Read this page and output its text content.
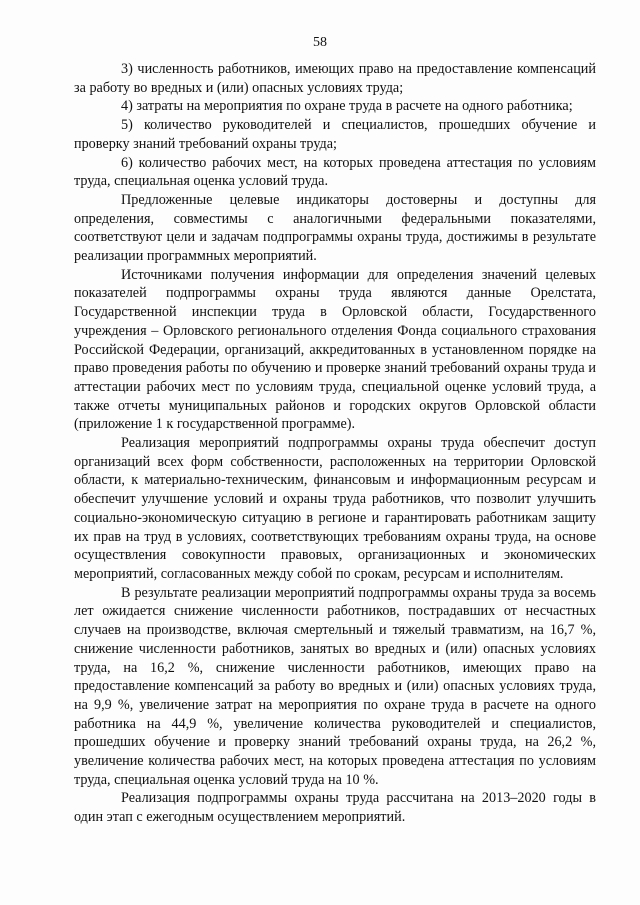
58

3) численность работников, имеющих право на предоставление компенсаций за работу во вредных и (или) опасных условиях труда;

4) затраты на мероприятия по охране труда в расчете на одного работника;

5) количество руководителей и специалистов, прошедших обучение и проверку знаний требований охраны труда;

6) количество рабочих мест, на которых проведена аттестация по условиям труда, специальная оценка условий труда.

Предложенные целевые индикаторы достоверны и доступны для определения, совместимы с аналогичными федеральными показателями, соответствуют цели и задачам подпрограммы охраны труда, достижимы в результате реализации программных мероприятий.

Источниками получения информации для определения значений целевых показателей подпрограммы охраны труда являются данные Орелстата, Государственной инспекции труда в Орловской области, Государственного учреждения – Орловского регионального отделения Фонда социального страхования Российской Федерации, организаций, аккредитованных в установленном порядке на право проведения работы по обучению и проверке знаний требований охраны труда и аттестации рабочих мест по условиям труда, специальной оценке условий труда, а также отчеты муниципальных районов и городских округов Орловской области (приложение 1 к государственной программе).

Реализация мероприятий подпрограммы охраны труда обеспечит доступ организаций всех форм собственности, расположенных на территории Орловской области, к материально-техническим, финансовым и информационным ресурсам и обеспечит улучшение условий и охраны труда работников, что позволит улучшить социально-экономическую ситуацию в регионе и гарантировать работникам защиту их прав на труд в условиях, соответствующих требованиям охраны труда, на основе осуществления совокупности правовых, организационных и экономических мероприятий, согласованных между собой по срокам, ресурсам и исполнителям.

В результате реализации мероприятий подпрограммы охраны труда за восемь лет ожидается снижение численности работников, пострадавших от несчастных случаев на производстве, включая смертельный и тяжелый травматизм, на 16,7 %, снижение численности работников, занятых во вредных и (или) опасных условиях труда, на 16,2 %, снижение численности работников, имеющих право на предоставление компенсаций за работу во вредных и (или) опасных условиях труда, на 9,9 %, увеличение затрат на мероприятия по охране труда в расчете на одного работника на 44,9 %, увеличение количества руководителей и специалистов, прошедших обучение и проверку знаний требований охраны труда, на 26,2 %, увеличение количества рабочих мест, на которых проведена аттестация по условиям труда, специальная оценка условий труда на 10 %.

Реализация подпрограммы охраны труда рассчитана на 2013–2020 годы в один этап с ежегодным осуществлением мероприятий.
